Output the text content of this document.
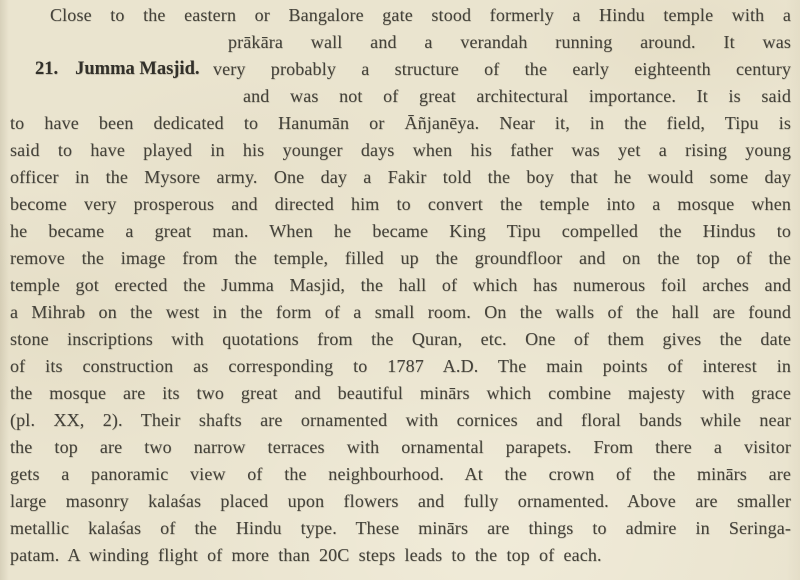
21. Jumma Masjid.
Close to the eastern or Bangalore gate stood formerly a Hindu temple with a
prākāra wall and a verandah running around. It was
very probably a structure of the early eighteenth century
and was not of great architectural importance. It is said
to have been dedicated to Hanumān or Āñjanēya. Near it, in the field, Tipu is
said to have played in his younger days when his father was yet a rising young
officer in the Mysore army. One day a Fakir told the boy that he would some day
become very prosperous and directed him to convert the temple into a mosque when
he became a great man. When he became King Tipu compelled the Hindus to
remove the image from the temple, filled up the groundfloor and on the top of the
temple got erected the Jumma Masjid, the hall of which has numerous foil arches and
a Mihrab on the west in the form of a small room. On the walls of the hall are found
stone inscriptions with quotations from the Quran, etc. One of them gives the date
of its construction as corresponding to 1787 A.D. The main points of interest in
the mosque are its two great and beautiful minārs which combine majesty with grace
(pl. XX, 2). Their shafts are ornamented with cornices and floral bands while near
the top are two narrow terraces with ornamental parapets. From there a visitor
gets a panoramic view of the neighbourhood. At the crown of the minārs are
large masonry kalaśas placed upon flowers and fully ornamented. Above are smaller
metallic kalaśas of the Hindu type. These minārs are things to admire in Seringa-
patam. A winding flight of more than 20C steps leads to the top of each.
